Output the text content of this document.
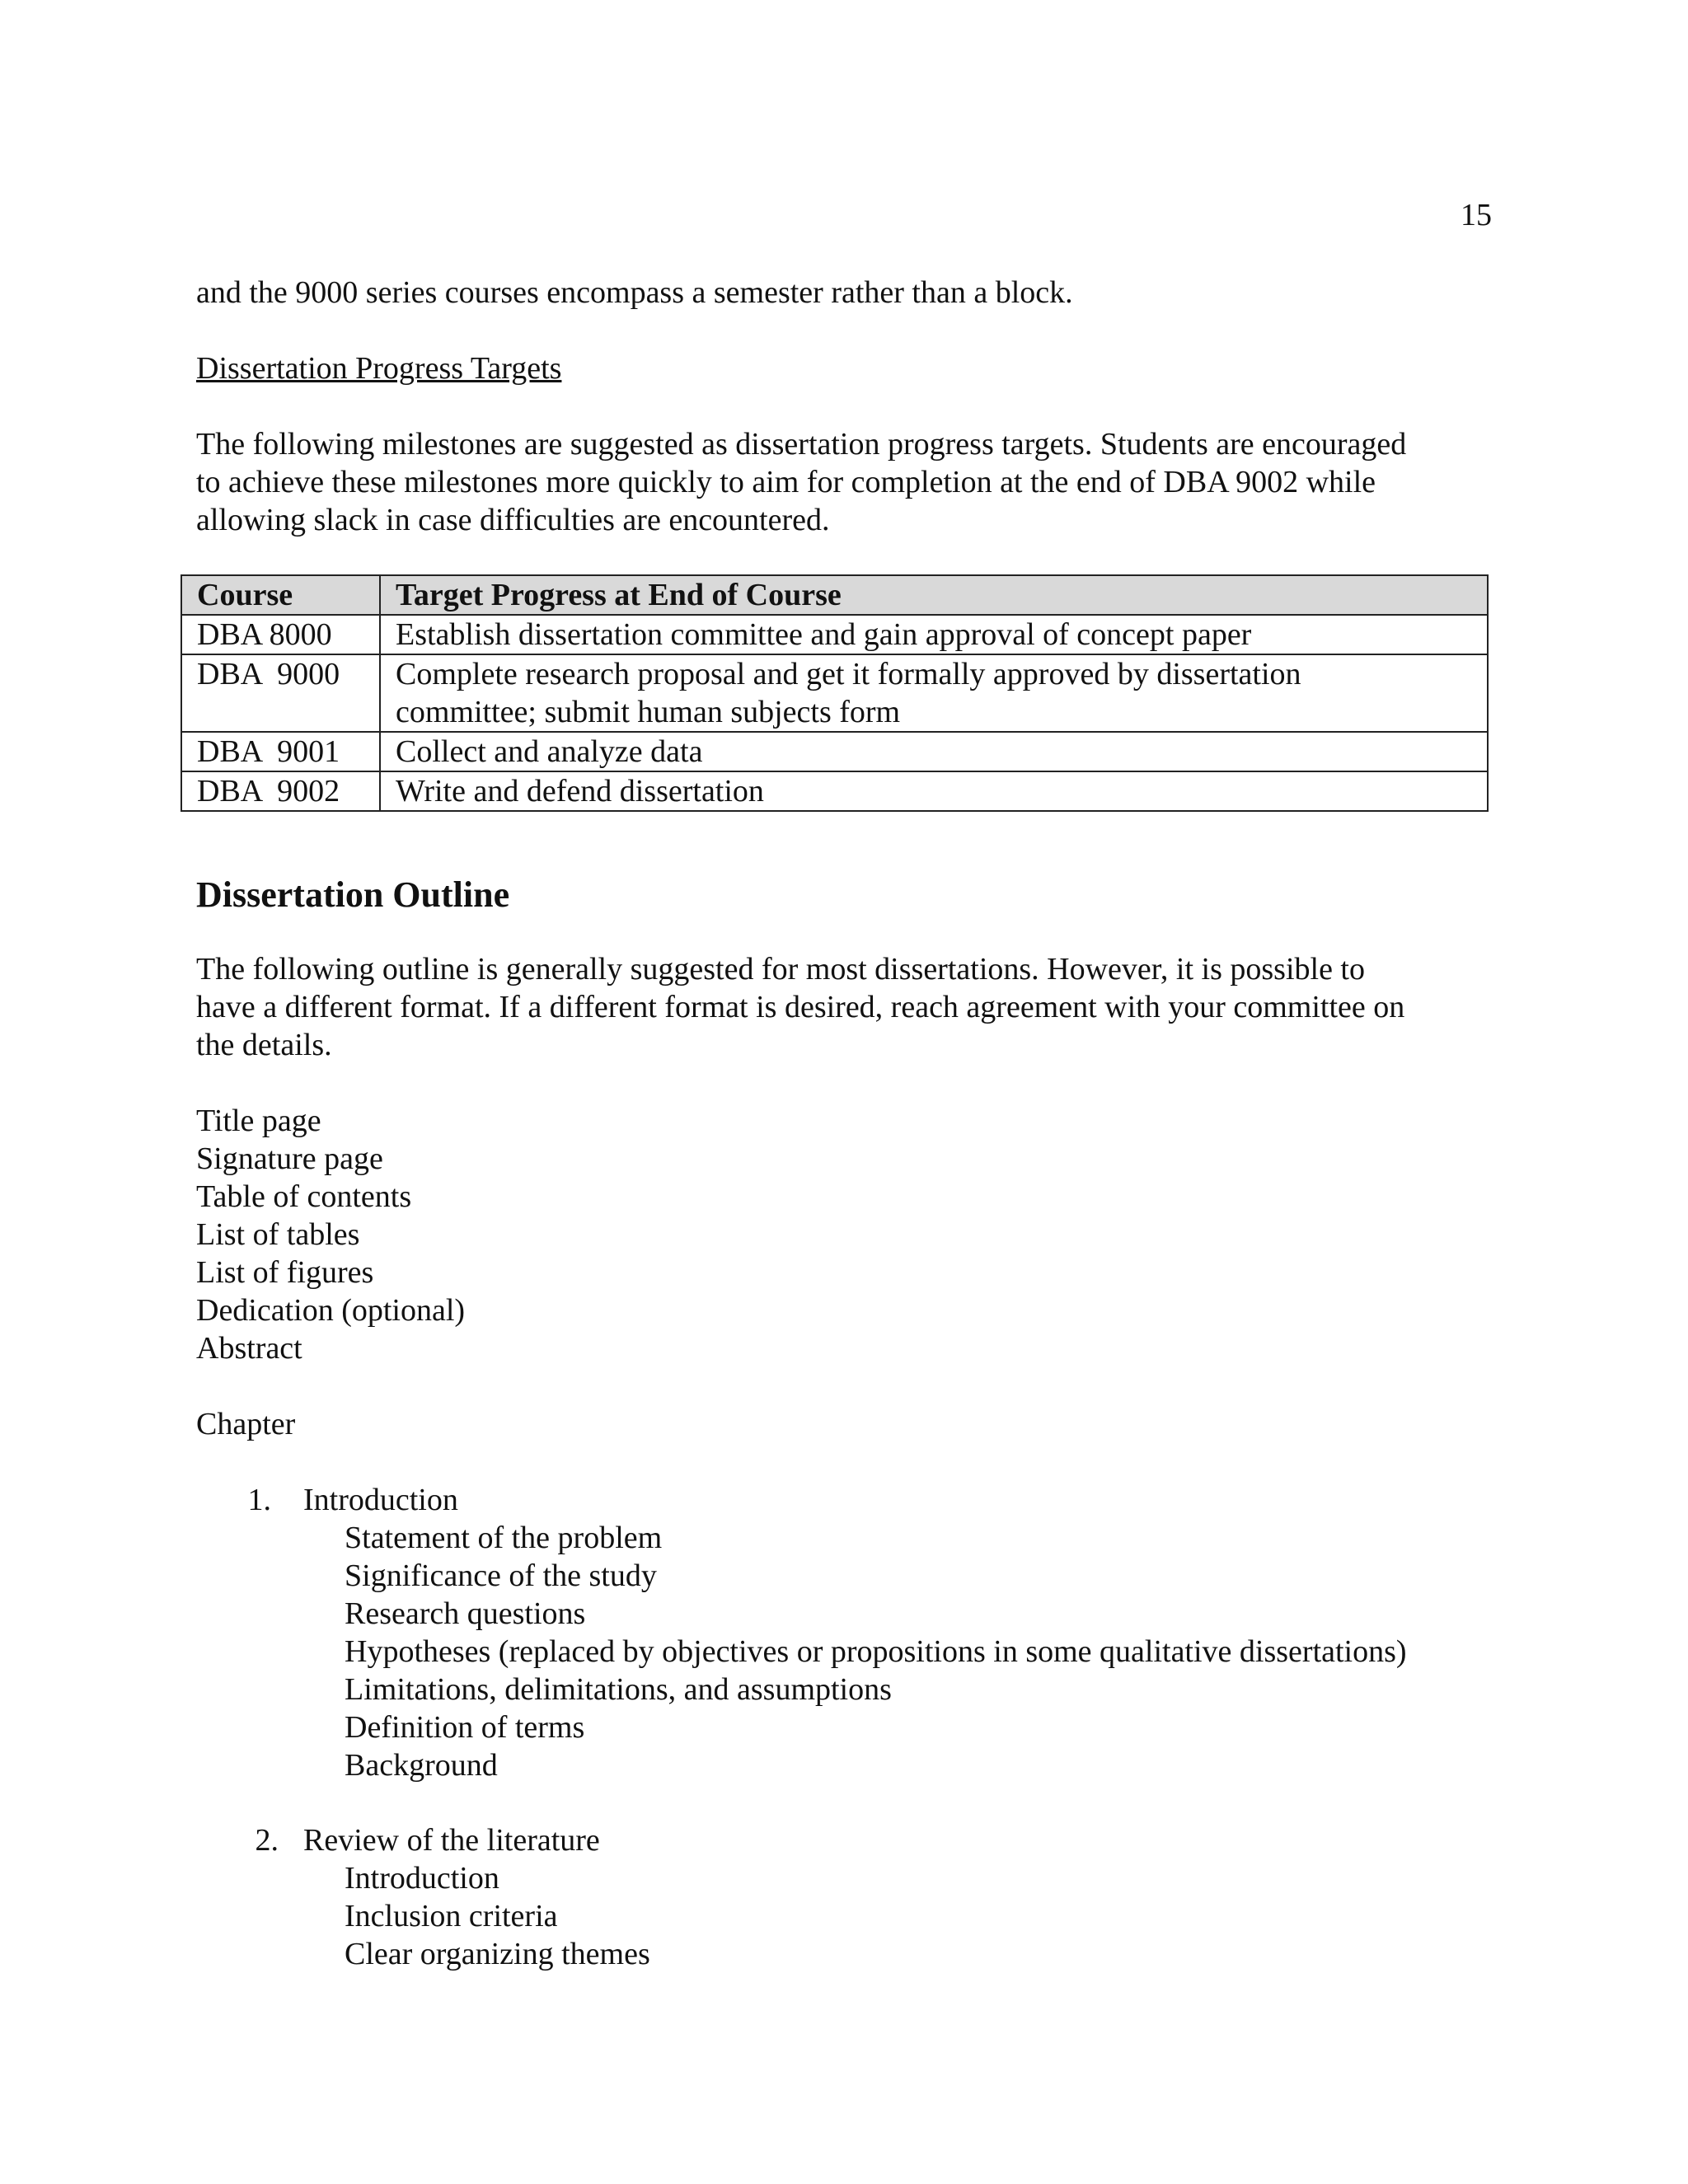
15
and the 9000 series courses encompass a semester rather than a block.
Dissertation Progress Targets
The following milestones are suggested as dissertation progress targets. Students are encouraged
to achieve these milestones more quickly to aim for completion at the end of DBA 9002 while
allowing slack in case difficulties are encountered.
Course	Target Progress at End of Course
DBA 8000	Establish dissertation committee and gain approval of concept paper

DBA  9000	Complete research proposal and get it formally approved by dissertation
committee; submit human subjects form

DBA  9001	Collect and analyze data

DBA  9002	Write and defend dissertation
Dissertation Outline
The following outline is generally suggested for most dissertations. However, it is possible to
have a different format. If a different format is desired, reach agreement with your committee on
the details.
Title page
Signature page
Table of contents
List of tables
List of figures
Dedication (optional)
Abstract
Chapter
1. Introduction
Statement of the problem
Significance of the study
Research questions
Hypotheses (replaced by objectives or propositions in some qualitative dissertations)
Limitations, delimitations, and assumptions
Definition of terms
Background
2. Review of the literature
Introduction
Inclusion criteria
Clear organizing themes
